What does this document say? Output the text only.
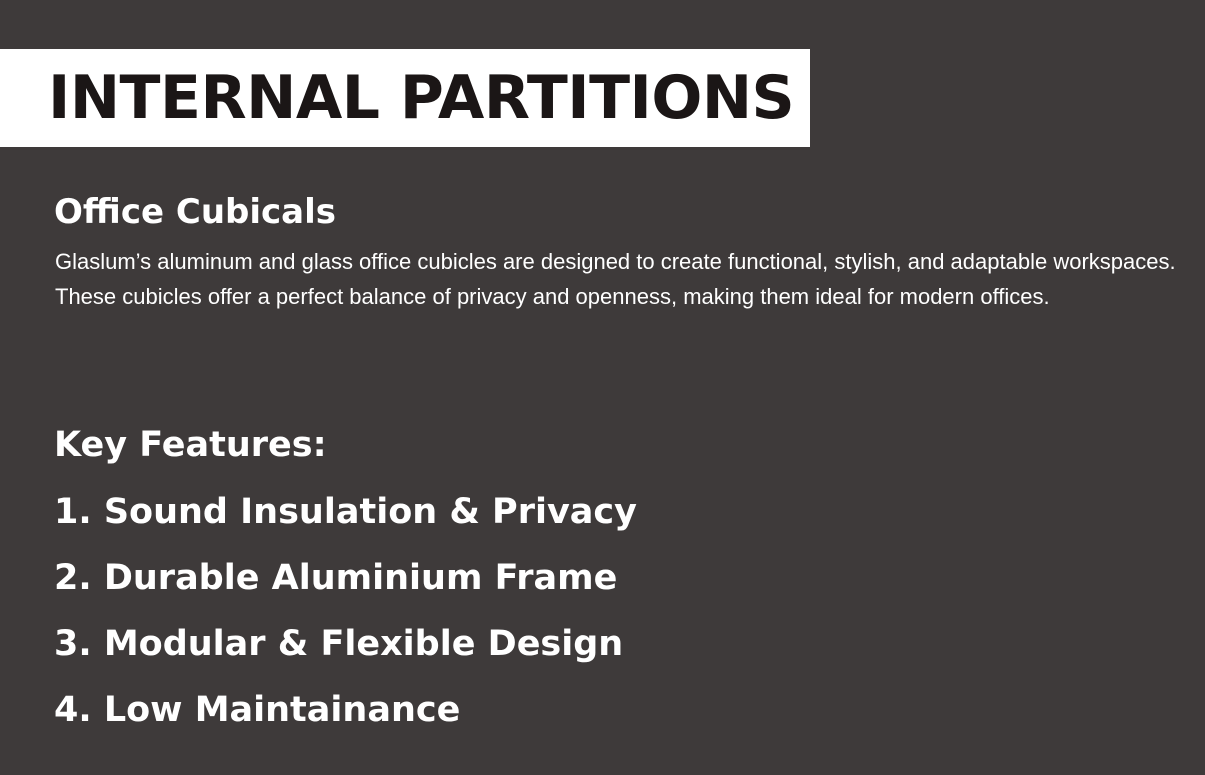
INTERNAL PARTITIONS
Office Cubicals

Glaslum’s aluminum and glass office cubicles are designed to create functional, stylish, and adaptable workspaces. These cubicles offer a perfect balance of privacy and openness, making them ideal for modern offices.

Key Features:
1. Sound Insulation & Privacy
2. Durable Aluminium Frame
3. Modular & Flexible Design
4. Low Maintainance
